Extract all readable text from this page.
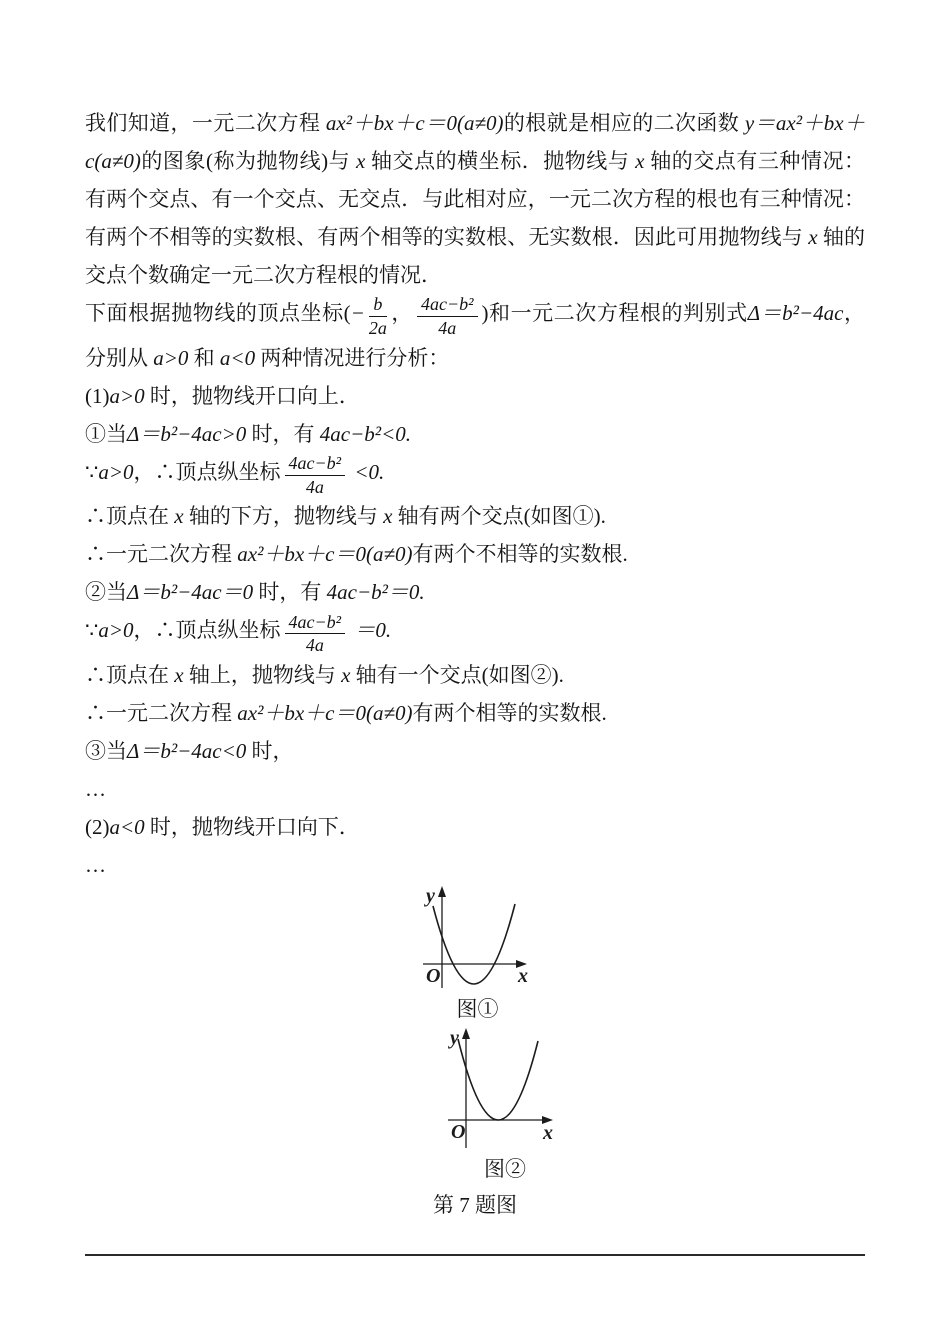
我们知道，一元二次方程 ax²＋bx＋c＝0(a≠0)的根就是相应的二次函数 y＝ax²＋bx＋c(a≠0)的图象(称为抛物线)与 x 轴交点的横坐标．抛物线与 x 轴的交点有三种情况：有两个交点、有一个交点、无交点．与此相对应，一元二次方程的根也有三种情况：有两个不相等的实数根、有两个相等的实数根、无实数根．因此可用抛物线与 x 轴的交点个数确定一元二次方程根的情况．

下面根据抛物线的顶点坐标(− $\frac{b}{2a}$ ， $\frac{\text{4ac−b²}}{4a}$ )和一元二次方程根的判别式Δ＝b²−4ac，分别从 a>0 和 a<0 两种情况进行分析：

(1)a>0 时，抛物线开口向上．

①当Δ＝b²−4ac>0 时，有 4ac−b²<0.

∵a>0，∴顶点纵坐标 $\frac{\text{4ac−b²}}{4a} <0$.

∴顶点在 x 轴的下方，抛物线与 x 轴有两个交点(如图①).

∴一元二次方程 ax²＋bx＋c＝0(a≠0)有两个不相等的实数根.

②当Δ＝b²−4ac＝0 时，有 4ac−b²＝0.

∵a>0，∴顶点纵坐标 $\frac{\text{4ac−b²}}{4a} =0$.

∴顶点在 x 轴上，抛物线与 x 轴有一个交点(如图②).

∴一元二次方程 ax²＋bx＋c＝0(a≠0)有两个相等的实数根.

③当Δ＝b²−4ac<0 时，

…

(2)a<0 时，抛物线开口向下．

…

y
x
O
图①
y
x
O
图②
第 7 题图
